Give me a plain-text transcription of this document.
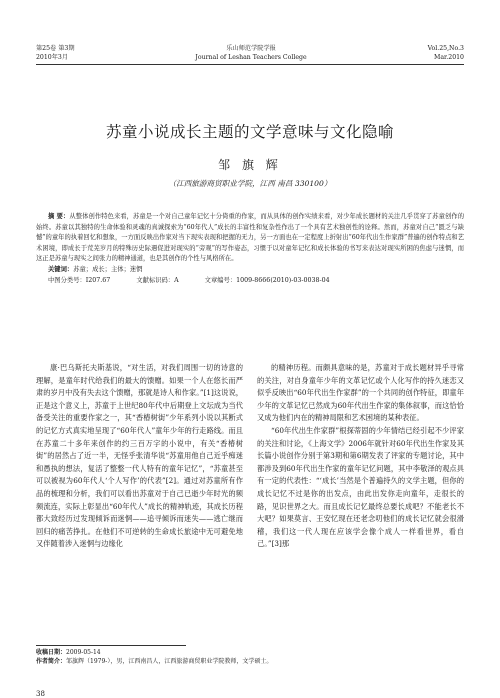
第25卷 第3期	乐山师范学院学报	Vol.25,No.3
2010年3月	Journal of Leshan Teachers College	Mar.2010
苏童小说成长主题的文学意味与文化隐喻
邹 旗 辉
（江西旅游商贸职业学院，江西 南昌 330100）
摘 要：从整体创作特色来看，苏童是一个对自己童年记忆十分倚重的作家，而从具体的创作实绩来看，对少年成长题材的关注几乎贯穿了苏童创作的始终。苏童以其独特的生命体验和灵魂的真诚探索为“60年代人”成长的丰富性和复杂性作出了一个具有艺术独创性的诠释。然而，苏童对自己“匮乏与缺憾”的童年的执着回忆和想象，一方面反映出作家对当下现实表现和把握的无力，另一方面也在一定程度上折射出“60年代出生作家群”普遍的创作特点和艺术困境，即成长于荒芜岁月的特殊历史际遇促进对现实的“旁观”的写作姿态，习惯于以对童年记忆和成长体验的书写来表达对现实所困的焦虑与迷惘，而这正是苏童与现实之间张力的精神通道，也是其创作的个性与风格所在。
关键词：苏童；成长；主体；迷惘
中图分类号：I207.67	文献标识码：A	文章编号：1009-8666(2010)-03-0038-04

康·巴乌斯托夫斯基说，“对生活，对我们周围一切的诗意的理解，是童年时代给我们的最大的馈赠。如果一个人在悠长而严肃的岁月中没有失去这个馈赠，那就是诗人和作家。”[1]这说说，正是这个意义上，苏童于上世纪80年代中后期登上文坛成为当代备受关注的重要作家之一，其“香椿树街”少年系列小说以其断式的记忆方式真实地呈现了“60年代人”童年少年的行走路线。而且在苏童二十多年来创作的约三百万字的小说中，有关“香椿树街”的居然占了近一半，无怪乎张清华说“苏童用他自己近乎痴迷和愚执的想法，复活了整整一代人特有的童年记忆”，“苏童甚至可以被视为60年代人‘个人写作’的代表”[2]。通过对苏童所有作品的梳理和分析，我们可以看出苏童对于自己已逝少年时光的频频流连，实际上彰显出“60年代人”成长的精神轨迹，其成长历程都大致经历过发现倾诉而迷惘——追寻倾诉而迷失——逃亡继而回归的痛苦挣扎。在他们不可逆转的生命成长旅途中无可避免地又伴随着涉入迷惘与边缘化

的精神历程。而颇具意味的是，苏童对于成长题材异乎寻常的关注，对自身童年少年的文革记忆或个人化写作的持久迷恋又似乎反映出“60年代出生作家群”的一个共同的创作特征，即童年少年的文革记忆已然成为60年代出生作家的集体叙事，而这恰恰又成为他们内在的精神局限和艺术困境的某种表征。

“60年代出生作家群”根探蒂固的少年情结已经引起不少评家的关注和讨论，《上海文学》2006年就针对60年代出生作家及其长篇小说创作分别于第3期和第6期发表了评家的专题讨论，其中都涉及到60年代出生作家的童年记忆问题，其中李敬泽的观点具有一定的代表性：“‘成长’当然是个普遍持久的文学主题，但你的成长记忆不过是你的出发点，由此出发你走向童年，走很长的路，见识世界之大。而且成长记忆最终总要长成吧？不能老长不大吧？如果莫言、王安忆现在还老念叨他们的成长记忆就会很滑稽，我们这一代人现在应该学会像个成人一样看世界，看自己。”[3]那

收稿日期：2009-05-14
作者简介：邹旗辉（1979-），男，江西南昌人，江西旅游商贸职业学院教师，文学硕士。
38
